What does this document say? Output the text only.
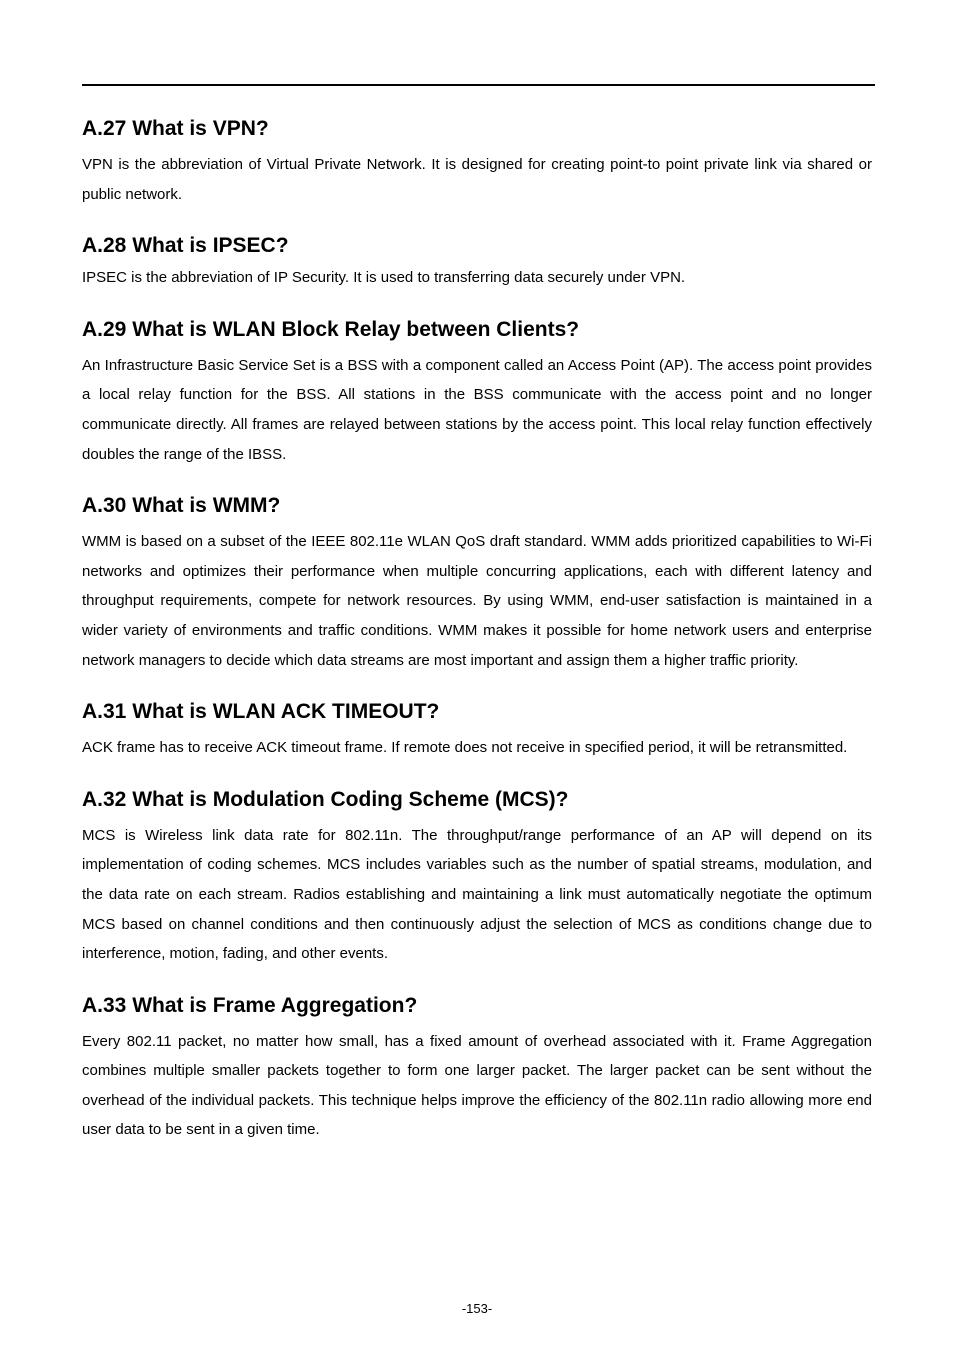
A.27 What is VPN?

VPN is the abbreviation of Virtual Private Network. It is designed for creating point-to point private link via shared or public network.

A.28 What is IPSEC?

IPSEC is the abbreviation of IP Security. It is used to transferring data securely under VPN.

A.29 What is WLAN Block Relay between Clients?

An Infrastructure Basic Service Set is a BSS with a component called an Access Point (AP). The access point provides a local relay function for the BSS. All stations in the BSS communicate with the access point and no longer communicate directly. All frames are relayed between stations by the access point. This local relay function effectively doubles the range of the IBSS.

A.30 What is WMM?

WMM is based on a subset of the IEEE 802.11e WLAN QoS draft standard. WMM adds prioritized capabilities to Wi-Fi networks and optimizes their performance when multiple concurring applications, each with different latency and throughput requirements, compete for network resources. By using WMM, end-user satisfaction is maintained in a wider variety of environments and traffic conditions. WMM makes it possible for home network users and enterprise network managers to decide which data streams are most important and assign them a higher traffic priority.

A.31 What is WLAN ACK TIMEOUT?

ACK frame has to receive ACK timeout frame. If remote does not receive in specified period, it will be retransmitted.

A.32 What is Modulation Coding Scheme (MCS)?

MCS is Wireless link data rate for 802.11n. The throughput/range performance of an AP will depend on its implementation of coding schemes. MCS includes variables such as the number of spatial streams, modulation, and the data rate on each stream. Radios establishing and maintaining a link must automatically negotiate the optimum MCS based on channel conditions and then continuously adjust the selection of MCS as conditions change due to interference, motion, fading, and other events.

A.33 What is Frame Aggregation?

Every 802.11 packet, no matter how small, has a fixed amount of overhead associated with it. Frame Aggregation combines multiple smaller packets together to form one larger packet. The larger packet can be sent without the overhead of the individual packets. This technique helps improve the efficiency of the 802.11n radio allowing more end user data to be sent in a given time.

-153-
